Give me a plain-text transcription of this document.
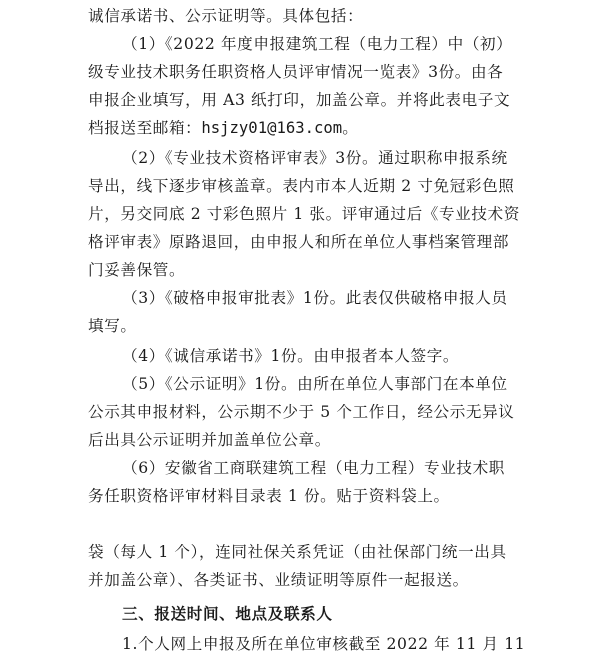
诚信承诺书、公示证明等。具体包括：
（1）《2022 年度申报建筑工程（电力工程）中（初）
级专业技术职务任职资格人员评审情况一览表》3份。由各
申报企业填写，用 A3 纸打印，加盖公章。并将此表电子文
档报送至邮箱：hsjzy01@163.com。
（2）《专业技术资格评审表》3份。通过职称申报系统
导出，线下逐步审核盖章。表内市本人近期 2 寸免冠彩色照
片，另交同底 2 寸彩色照片 1 张。评审通过后《专业技术资
格评审表》原路退回，由申报人和所在单位人事档案管理部
门妥善保管。
（3）《破格申报审批表》1份。此表仅供破格申报人员
填写。
（4）《诚信承诺书》1份。由申报者本人签字。
（5）《公示证明》1份。由所在单位人事部门在本单位
公示其申报材料，公示期不少于 5 个工作日，经公示无异议
后出具公示证明并加盖单位公章。
（6）安徽省工商联建筑工程（电力工程）专业技术职
务任职资格评审材料目录表 1 份。贴于资料袋上。
袋（每人 1 个），连同社保关系凭证（由社保部门统一出具
并加盖公章）、各类证书、业绩证明等原件一起报送。
三、报送时间、地点及联系人
1.个人网上申报及所在单位审核截至 2022 年 11 月 11
